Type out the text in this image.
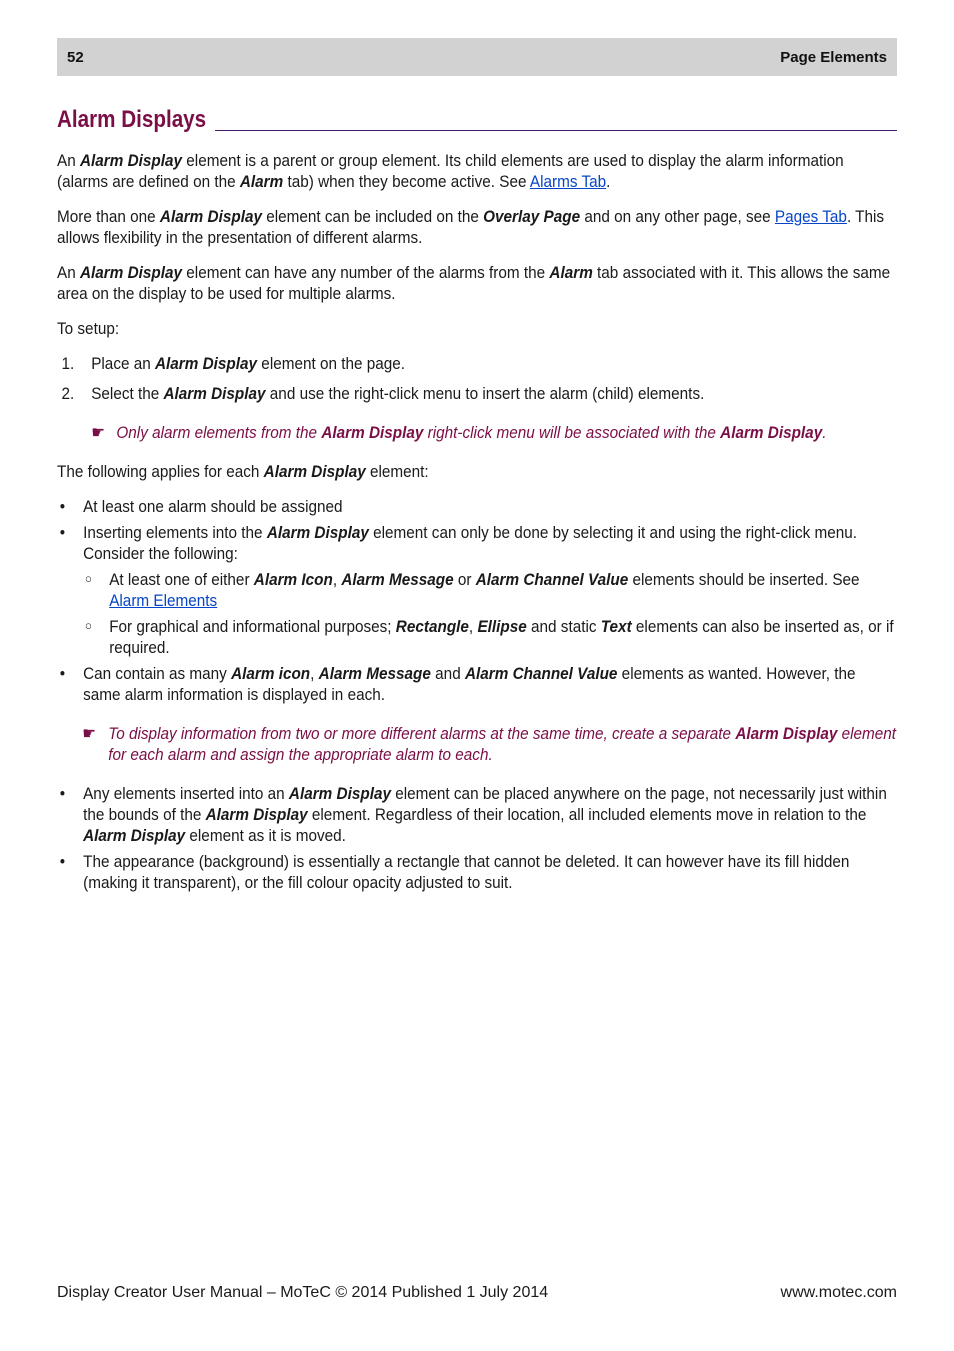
52	Page Elements
Alarm Displays

An Alarm Display element is a parent or group element. Its child elements are used to display the alarm information (alarms are defined on the Alarm tab) when they become active. See Alarms Tab.

More than one Alarm Display element can be included on the Overlay Page and on any other page, see Pages Tab. This allows flexibility in the presentation of different alarms.

An Alarm Display element can have any number of the alarms from the Alarm tab associated with it. This allows the same area on the display to be used for multiple alarms.

To setup:

1. Place an Alarm Display element on the page.
2. Select the Alarm Display and use the right-click menu to insert the alarm (child) elements.
☛ Only alarm elements from the Alarm Display right-click menu will be associated with the Alarm Display.

The following applies for each Alarm Display element:

• At least one alarm should be assigned
• Inserting elements into the Alarm Display element can only be done by selecting it and using the right-click menu. Consider the following:
○ At least one of either Alarm Icon, Alarm Message or Alarm Channel Value elements should be inserted. See Alarm Elements
○ For graphical and informational purposes; Rectangle, Ellipse and static Text elements can also be inserted as, or if required.
• Can contain as many Alarm icon, Alarm Message and Alarm Channel Value elements as wanted. However, the same alarm information is displayed in each.
☛ To display information from two or more different alarms at the same time, create a separate Alarm Display element for each alarm and assign the appropriate alarm to each.
• Any elements inserted into an Alarm Display element can be placed anywhere on the page, not necessarily just within the bounds of the Alarm Display element. Regardless of their location, all included elements move in relation to the Alarm Display element as it is moved.
• The appearance (background) is essentially a rectangle that cannot be deleted. It can however have its fill hidden (making it transparent), or the fill colour opacity adjusted to suit.
Display Creator User Manual – MoTeC © 2014 Published 1 July 2014	www.motec.com
